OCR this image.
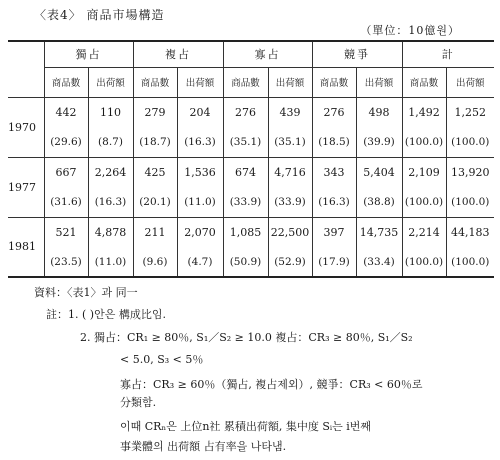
〈表4〉 商品市場構造
（單位：10億원）
	獨占		複占		寡占		競爭		計	
	商品數	出荷額	商品數	出荷額	商品數	出荷額	商品數	出荷額	商品數	出荷額
1970	442	110	279	204	276	439	276	498	1,492	1,252
	(29.6)	(8.7)	(18.7)	(16.3)	(35.1)	(35.1)	(18.5)	(39.9)	(100.0)	(100.0)
1977	667	2,264	425	1,536	674	4,716	343	5,404	2,109	13,920
	(31.6)	(16.3)	(20.1)	(11.0)	(33.9)	(33.9)	(16.3)	(38.8)	(100.0)	(100.0)
1981	521	4,878	211	2,070	1,085	22,500	397	14,735	2,214	44,183
	(23.5)	(11.0)	(9.6)	(4.7)	(50.9)	(52.9)	(17.9)	(33.4)	(100.0)	(100.0)
資料：〈表1〉과 同一
註：1. ( )안은 構成比임.
2. 獨占：CR₁ ≥ 80％, S₁／S₂ ≥ 10.0 複占：CR₃ ≥ 80％, S₁／S₂
< 5.0, S₃ < 5％
寡占：CR₃ ≥ 60％（獨占, 複占제외）, 競爭：CR₃ < 60％로
分類함.
이때 CRₙ은 上位n社 累積出荷額, 集中度 Sᵢ는 i번째
事業體의 出荷額 占有率을 나타냄.
